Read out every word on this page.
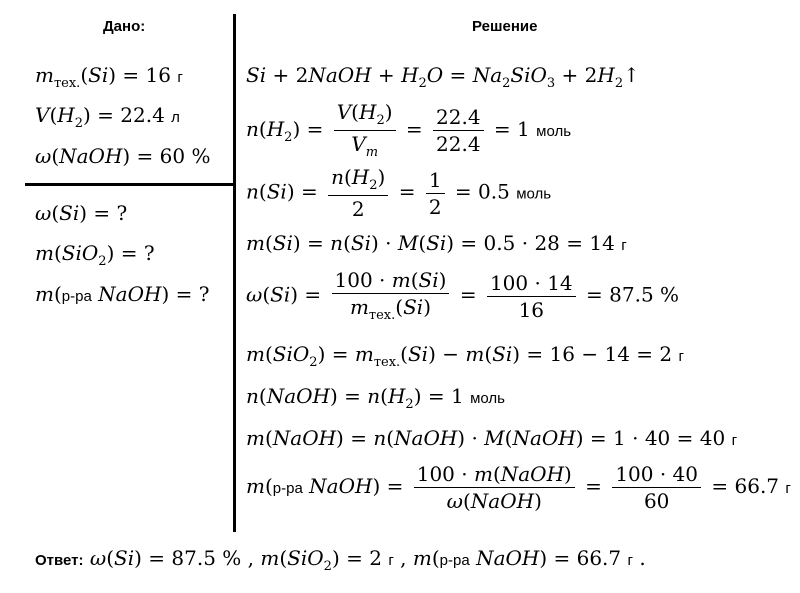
Дано:	Решение
$m_{тех.}(Si) = 16$ г
$V(H_2) = 22.4$ л
ω(NaOH) = 60 %
ω(Si) = ?
m(SiO$_2$) = ?
m(р-ра NaOH) = ?
Si + 2NaOH + $H_2O = Na_2SiO_3$ + $2H_2↑$
$n(H_2) = \frac{V(H_2)}{V_m} = \frac{22.4}{22.4} = 1$ моль
$n(Si) = \frac{n(H_2)}{2} = \frac{1}{2} = 0.5$ моль
m(Si) = n(Si) · M(Si) = 0.5 · 28 = 14 г
$\omega(Si) = \frac{100 \cdot m(Si)}{m_{тех.}(Si)} = \frac{100 \cdot 14}{16} = 87.5$ %
$m(SiO_2) = m_{тех.}(Si) - m(Si) = 16 - 14 = 2$ г
n(NaOH) = $n(H_2) = 1$ моль
m(NaOH) = n(NaOH) · M(NaOH) = 1 · 40 = 40 г
m(р-ра NaOH) = $\frac{\text{100 · m(NaOH)}}{\text{ω(NaOH)}} = \frac{100 \cdot 40}{60} = 66.7$ г
Ответ: ω(Si) = 87.5 % , m(SiO$_2$) = 2 г , m(р-ра NaOH) = 66.7 г .
